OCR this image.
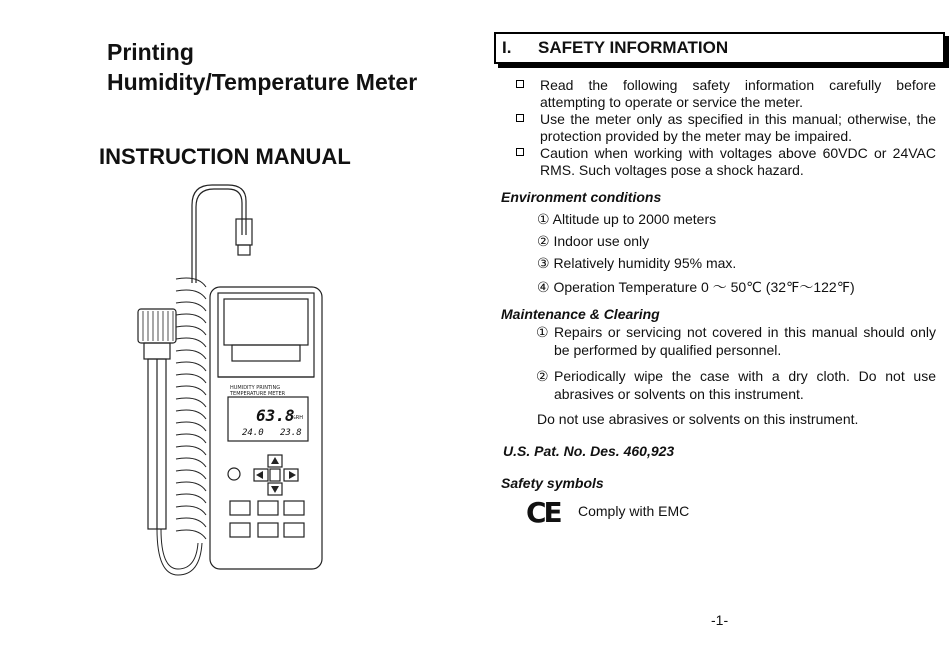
Printing
Humidity/Temperature Meter
INSTRUCTION MANUAL
HUMIDITY PRINTING
TEMPERATURE METER
63.8
%RH
24.0 23.8
I. SAFETY INFORMATION
Read the following safety information carefully before attempting to operate or service the meter.
Use the meter only as specified in this manual; otherwise, the protection provided by the meter may be impaired.
Caution when working with voltages above 60VDC or 24VAC RMS. Such voltages pose a shock hazard.
Environment conditions
① Altitude up to 2000 meters
② Indoor use only
③ Relatively humidity 95% max.
④ Operation Temperature 0 ～ 50℃ (32℉～122℉)
Maintenance & Clearing
① Repairs or servicing not covered in this manual should only be performed by qualified personnel.
② Periodically wipe the case with a dry cloth. Do not use abrasives or solvents on this instrument.
Do not use abrasives or solvents on this instrument.
U.S. Pat. No. Des. 460,923
Safety symbols
CE Comply with EMC
-1-
